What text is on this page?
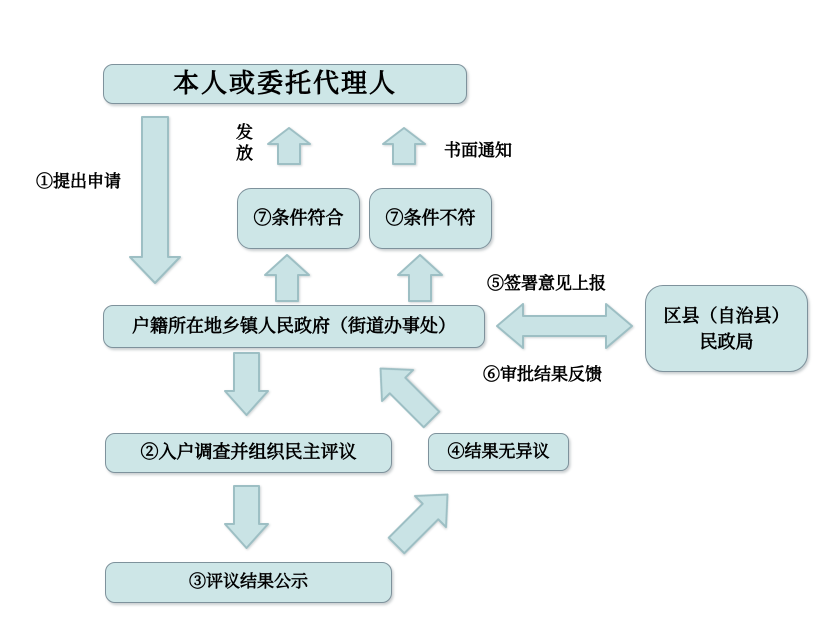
本人或委托代理人
⑦条件符合 ⑦条件不符
户籍所在地乡镇人民政府（街道办事处）
区县（自治县）
民政局
②入户调查并组织民主评议	④结果无异议
③评议结果公示
①提出申请
发放	书面通知
⑤签署意见上报
⑥审批结果反馈
